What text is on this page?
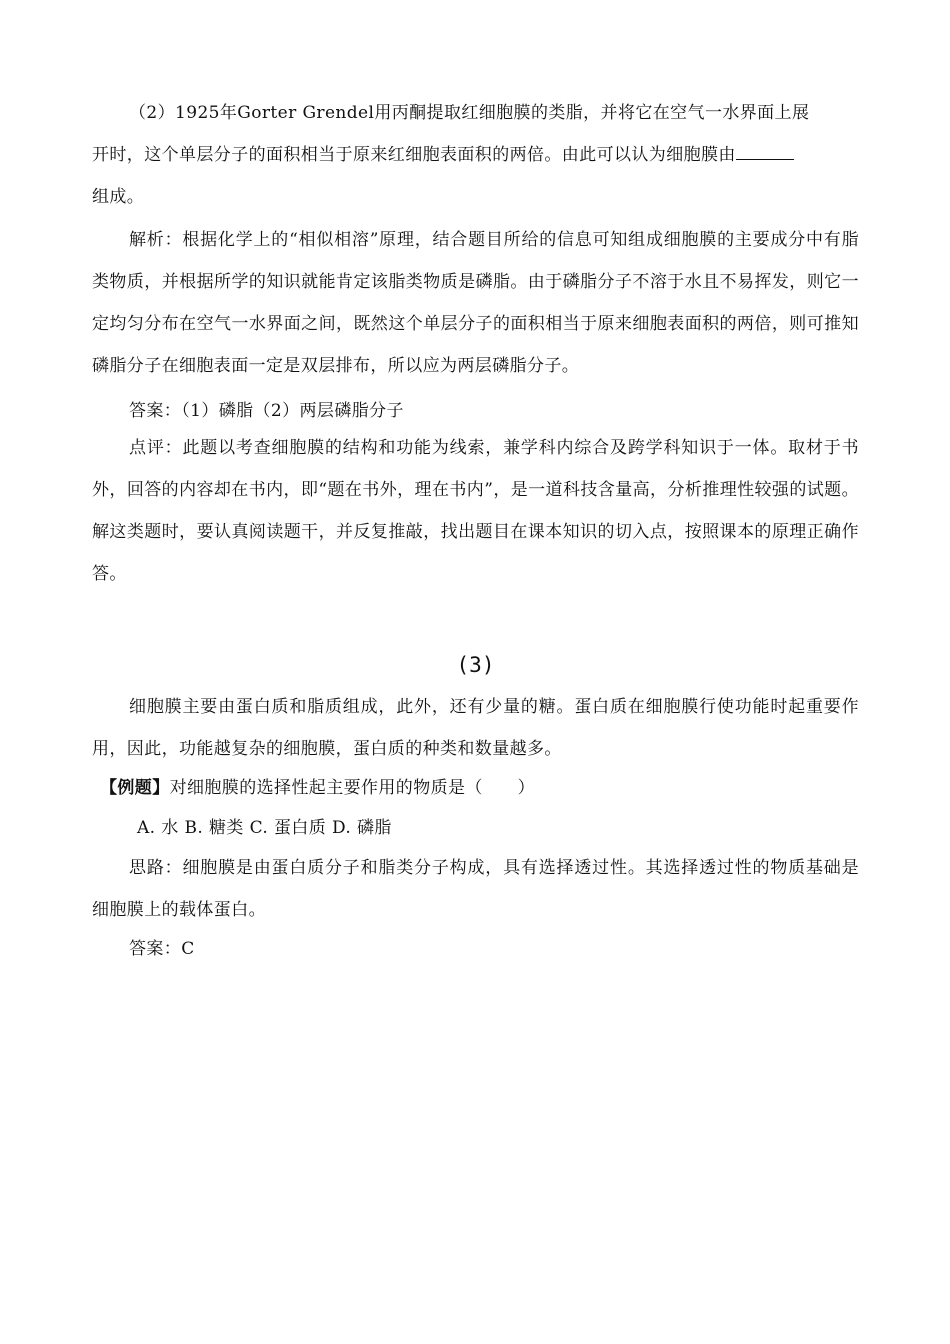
（2）1925年Gorter Grendel用丙酮提取红细胞膜的类脂，并将它在空气一水界面上展

开时，这个单层分子的面积相当于原来红细胞表面积的两倍。由此可以认为细胞膜由

组成。

解析：根据化学上的“相似相溶”原理，结合题目所给的信息可知组成细胞膜的主要成分中有脂类物质，并根据所学的知识就能肯定该脂类物质是磷脂。由于磷脂分子不溶于水且不易挥发，则它一定均匀分布在空气一水界面之间，既然这个单层分子的面积相当于原来细胞表面积的两倍，则可推知磷脂分子在细胞表面一定是双层排布，所以应为两层磷脂分子。

答案：（1）磷脂（2）两层磷脂分子

点评：此题以考查细胞膜的结构和功能为线索，兼学科内综合及跨学科知识于一体。取材于书外，回答的内容却在书内，即“题在书外，理在书内”，是一道科技含量高，分析推理性较强的试题。解这类题时，要认真阅读题干，并反复推敲，找出题目在课本知识的切入点，按照课本的原理正确作答。

(3)

细胞膜主要由蛋白质和脂质组成，此外，还有少量的糖。蛋白质在细胞膜行使功能时起重要作用，因此，功能越复杂的细胞膜，蛋白质的种类和数量越多。

【例题】对细胞膜的选择性起主要作用的物质是（　　）

A. 水 B. 糖类 C. 蛋白质 D. 磷脂

思路：细胞膜是由蛋白质分子和脂类分子构成，具有选择透过性。其选择透过性的物质基础是细胞膜上的载体蛋白。

答案：C
